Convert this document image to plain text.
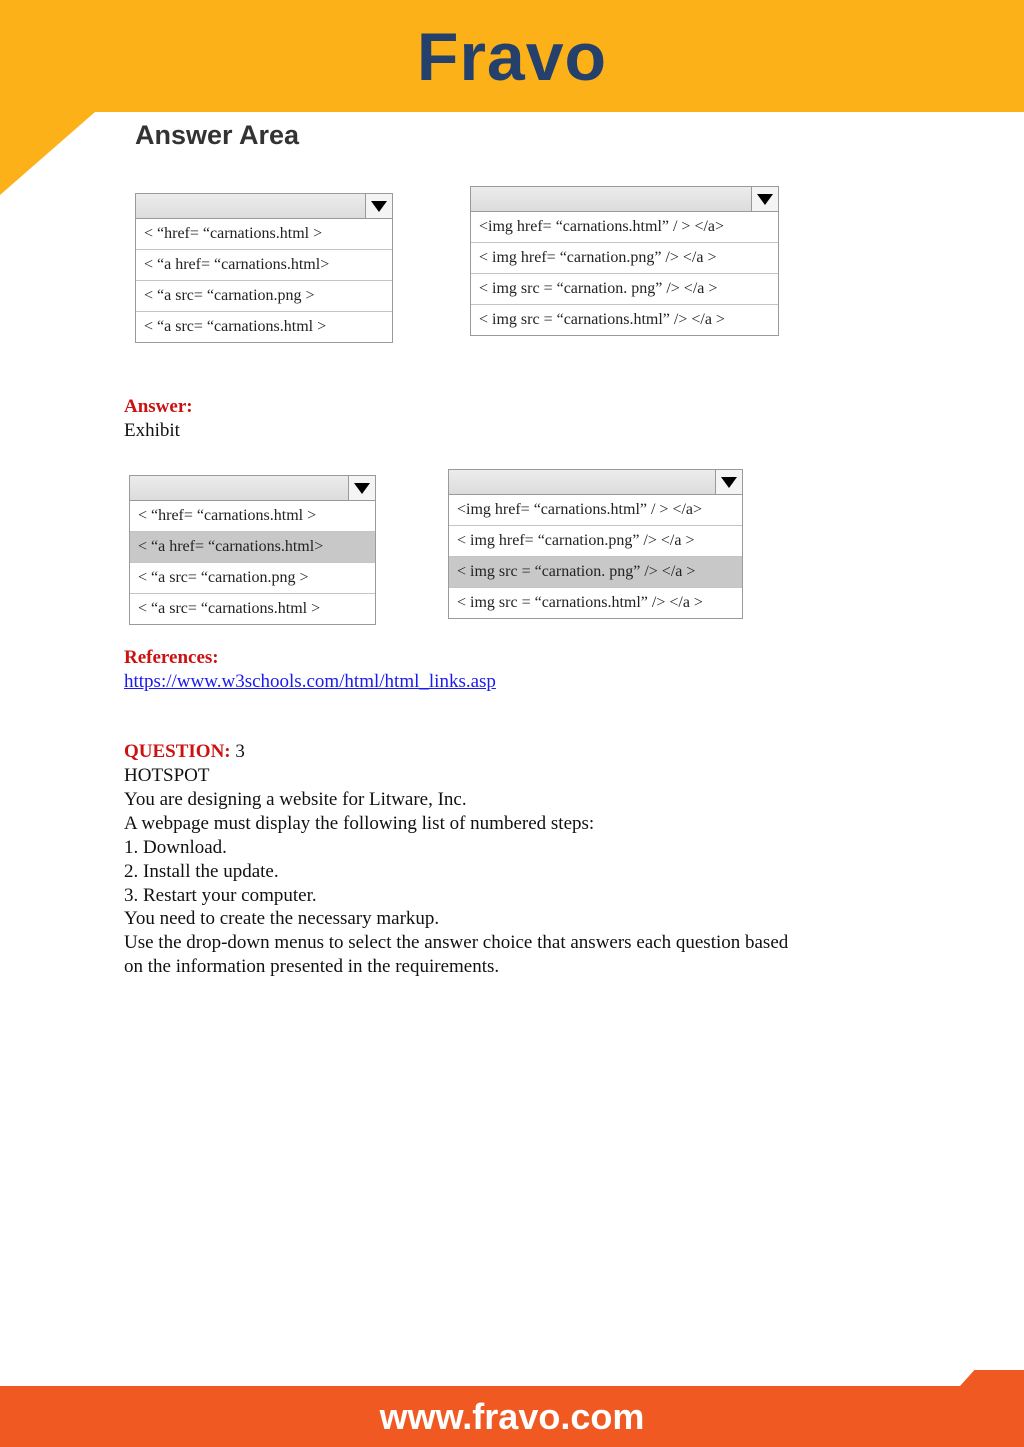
Fravo
Answer Area
< “href= “carnations.html >
< “a href= “carnations.html>
< “a src= “carnation.png >
< “a src= “carnations.html >
<img href= “carnations.html” / > </a>
< img href= “carnation.png” /> </a >
< img src = “carnation. png” /> </a >
< img src = “carnations.html” /> </a >
Answer:
Exhibit
< “href= “carnations.html >
< “a href= “carnations.html>
< “a src= “carnation.png >
< “a src= “carnations.html >
<img href= “carnations.html” / > </a>
< img href= “carnation.png” /> </a >
< img src = “carnation. png” /> </a >
< img src = “carnations.html” /> </a >
References:
https://www.w3schools.com/html/html_links.asp
QUESTION: 3
HOTSPOT
You are designing a website for Litware, Inc.
A webpage must display the following list of numbered steps:
1. Download.
2. Install the update.
3. Restart your computer.
You need to create the necessary markup.
Use the drop-down menus to select the answer choice that answers each question based
on the information presented in the requirements.
www.fravo.com
